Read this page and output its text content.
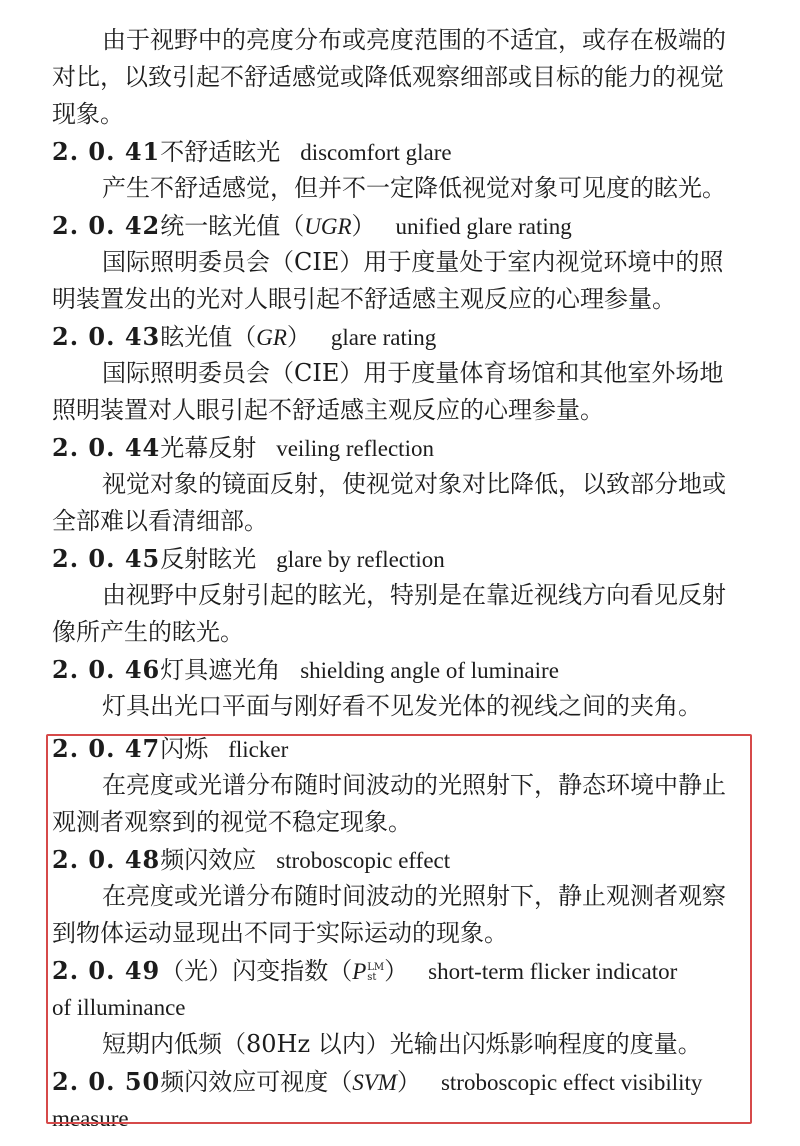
由于视野中的亮度分布或亮度范围的不适宜，或存在极端的
对比，以致引起不舒适感觉或降低观察细部或目标的能力的视觉
现象。
2. 0. 41不舒适眩光 discomfort glare
产生不舒适感觉，但并不一定降低视觉对象可见度的眩光。
2. 0. 42统一眩光值（UGR） unified glare rating
国际照明委员会（CIE）用于度量处于室内视觉环境中的照
明装置发出的光对人眼引起不舒适感主观反应的心理参量。
2. 0. 43眩光值（GR） glare rating
国际照明委员会（CIE）用于度量体育场馆和其他室外场地
照明装置对人眼引起不舒适感主观反应的心理参量。
2. 0. 44光幕反射 veiling reflection
视觉对象的镜面反射，使视觉对象对比降低，以致部分地或
全部难以看清细部。
2. 0. 45反射眩光 glare by reflection
由视野中反射引起的眩光，特别是在靠近视线方向看见反射
像所产生的眩光。
2. 0. 46灯具遮光角 shielding angle of luminaire
灯具出光口平面与刚好看不见发光体的视线之间的夹角。
2. 0. 47闪烁 flicker
在亮度或光谱分布随时间波动的光照射下，静态环境中静止
观测者观察到的视觉不稳定现象。
2. 0. 48频闪效应 stroboscopic effect
在亮度或光谱分布随时间波动的光照射下，静止观测者观察
到物体运动显现出不同于实际运动的现象。
2. 0. 49（光）闪变指数（PLM
st ） short-term flicker indicator
of illuminance
短期内低频（80Hz 以内）光输出闪烁影响程度的度量。
2. 0. 50频闪效应可视度（SVM） stroboscopic effect visibility
measure
